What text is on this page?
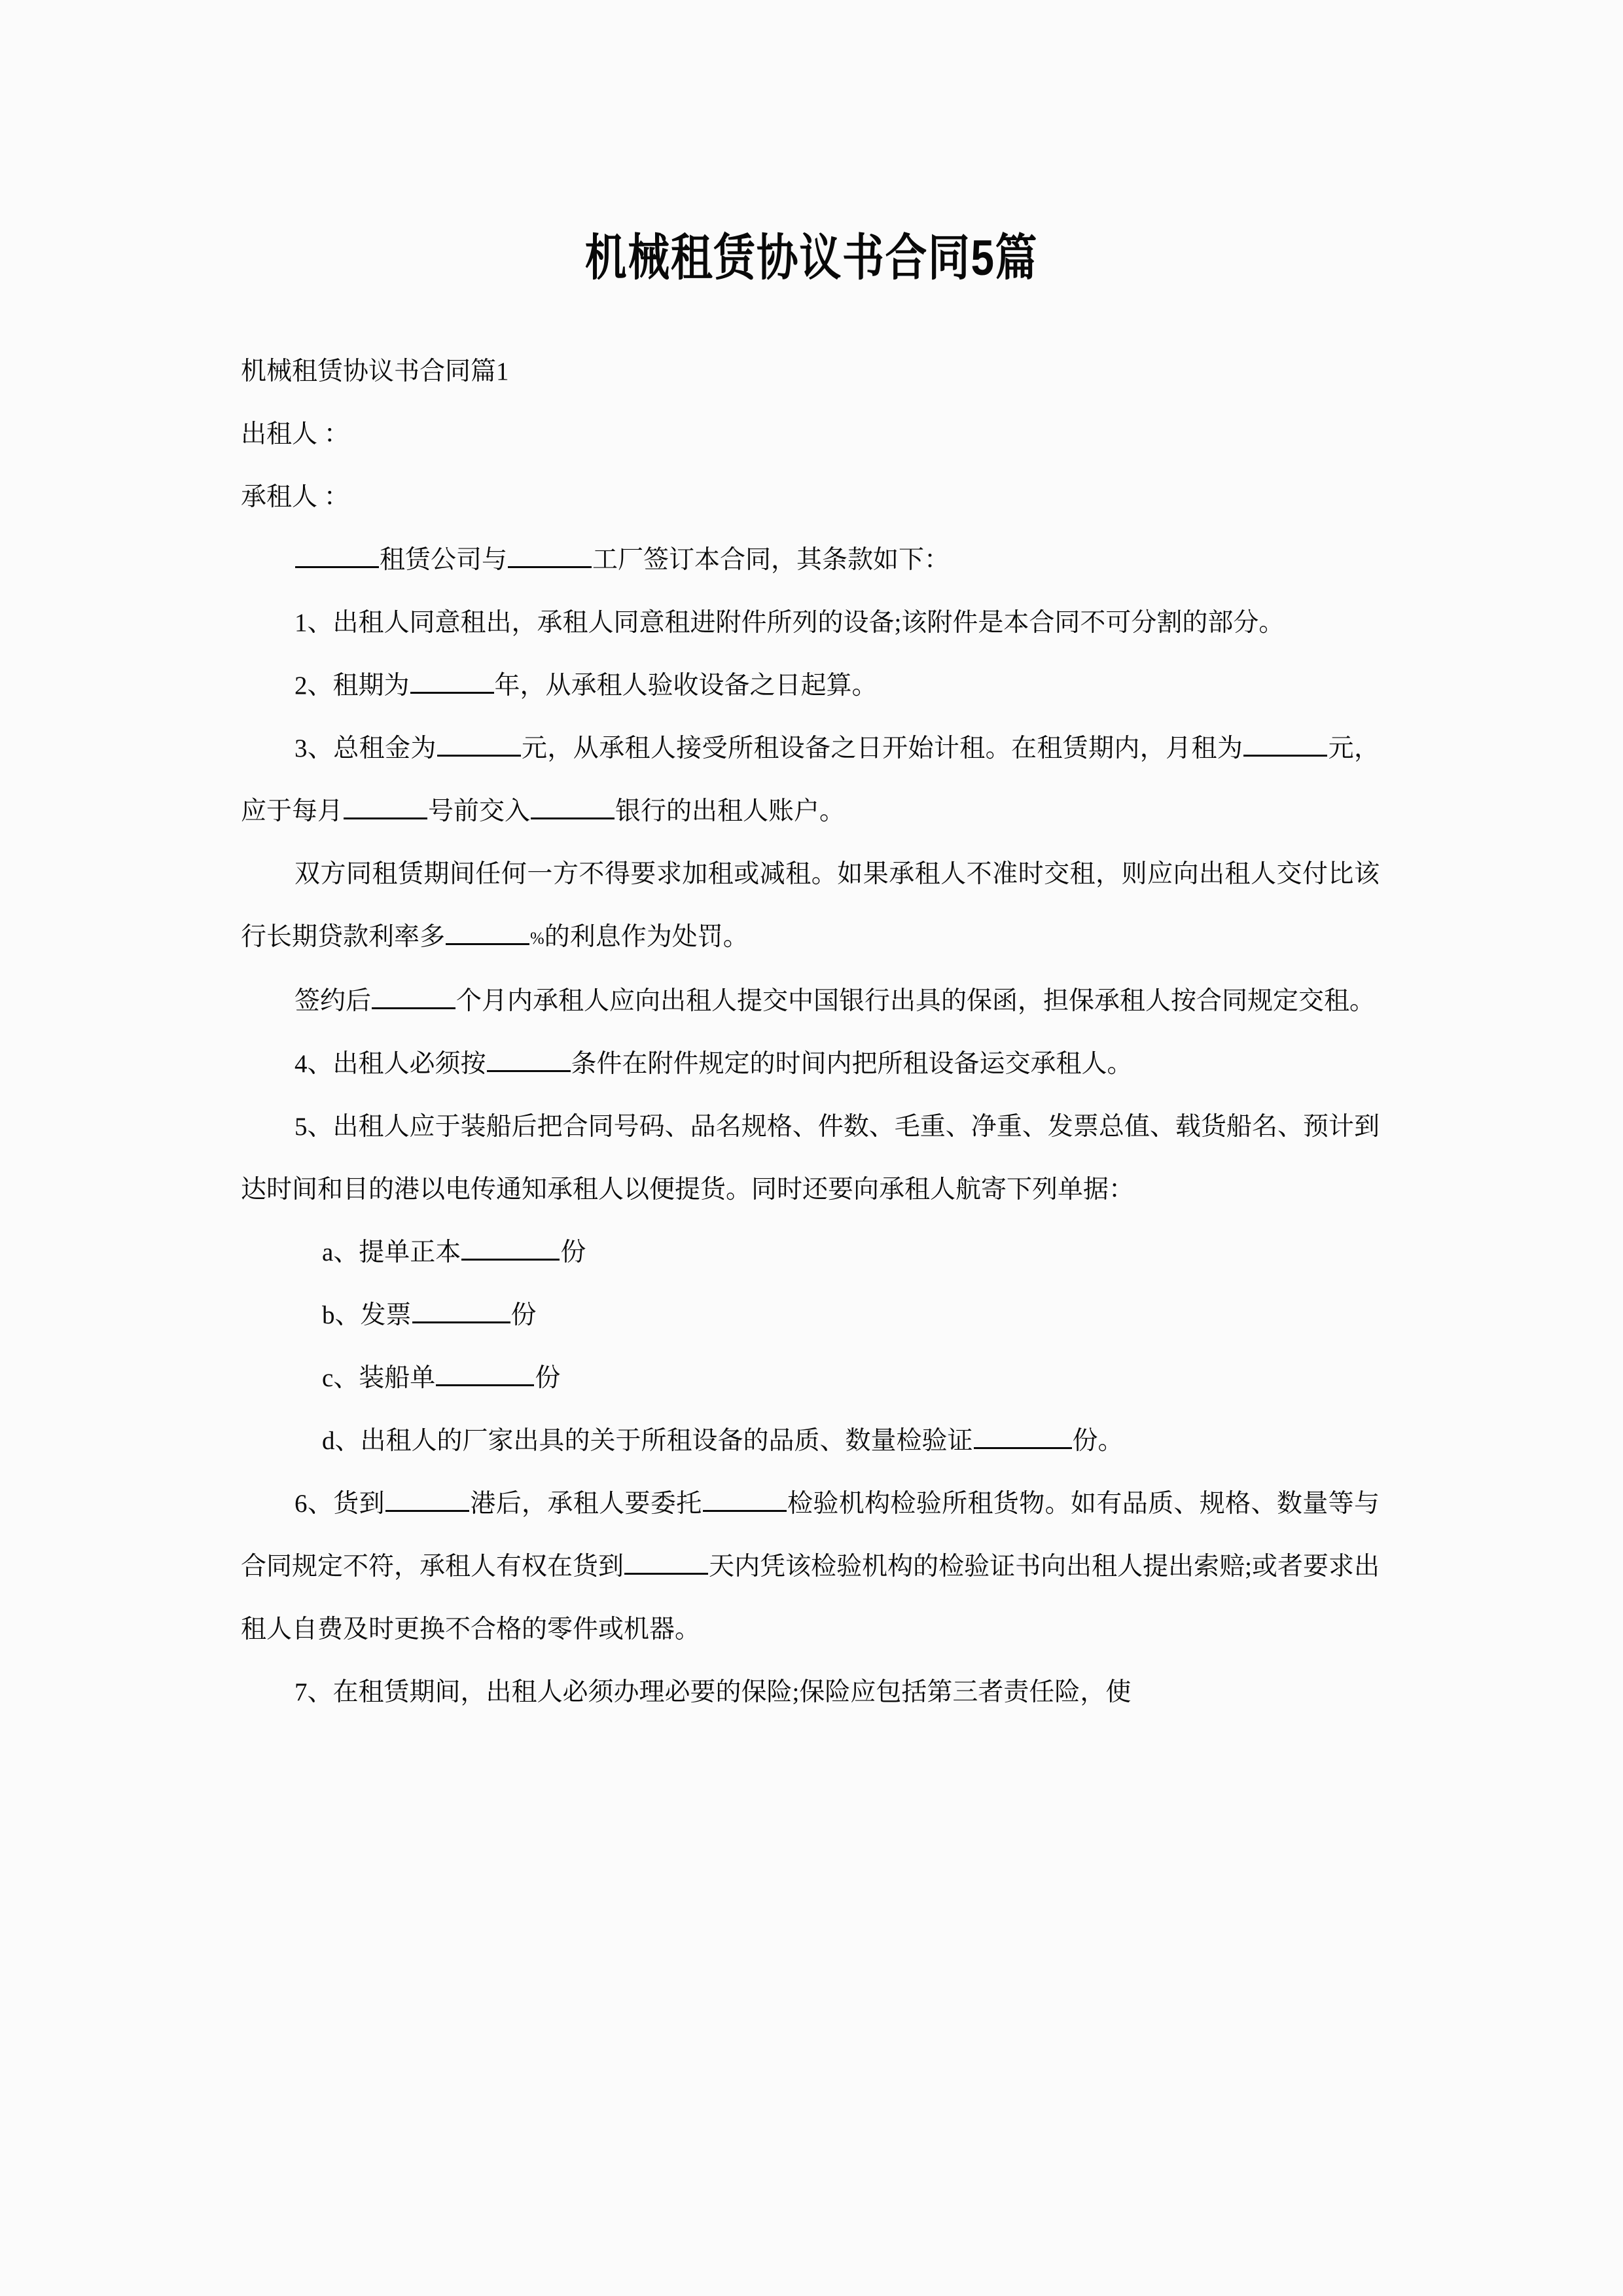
机械租赁协议书合同5篇

机械租赁协议书合同篇1

出租人 ：

承租人 ：

租赁公司与	工厂签订本合同，其条款如下：

1、出租人同意租出，承租人同意租进附件所列的设备;该附件是本合同不可分割的部分。

2、租期为	年，从承租人验收设备之日起算。

3、总租金为	元，从承租人接受所租设备之日开始计租。在租赁期内，月租为	元，应于每月	号前交入	银行的出租人账户。

双方同租赁期间任何一方不得要求加租或减租。如果承租人不准时交租，则应向出租人交付比该行长期贷款利率多	%的利息作为处罚。

签约后	个月内承租人应向出租人提交中国银行出具的保函，担保承租人按合同规定交租。

4、出租人必须按	条件在附件规定的时间内把所租设备运交承租人。

5、出租人应于装船后把合同号码、品名规格、件数、毛重、净重、发票总值、载货船名、预计到达时间和目的港以电传通知承租人以便提货。同时还要向承租人航寄下列单据：

a、提单正本	份

b、发票	份

c、装船单	份

d、出租人的厂家出具的关于所租设备的品质、数量检验证	份。

6、货到	港后，承租人要委托	检验机构检验所租货物。如有品质、规格、数量等与合同规定不符，承租人有权在货到	天内凭该检验机构的检验证书向出租人提出索赔;或者要求出租人自费及时更换不合格的零件或机器。

7、在租赁期间，出租人必须办理必要的保险;保险应包括第三者责任险，使
